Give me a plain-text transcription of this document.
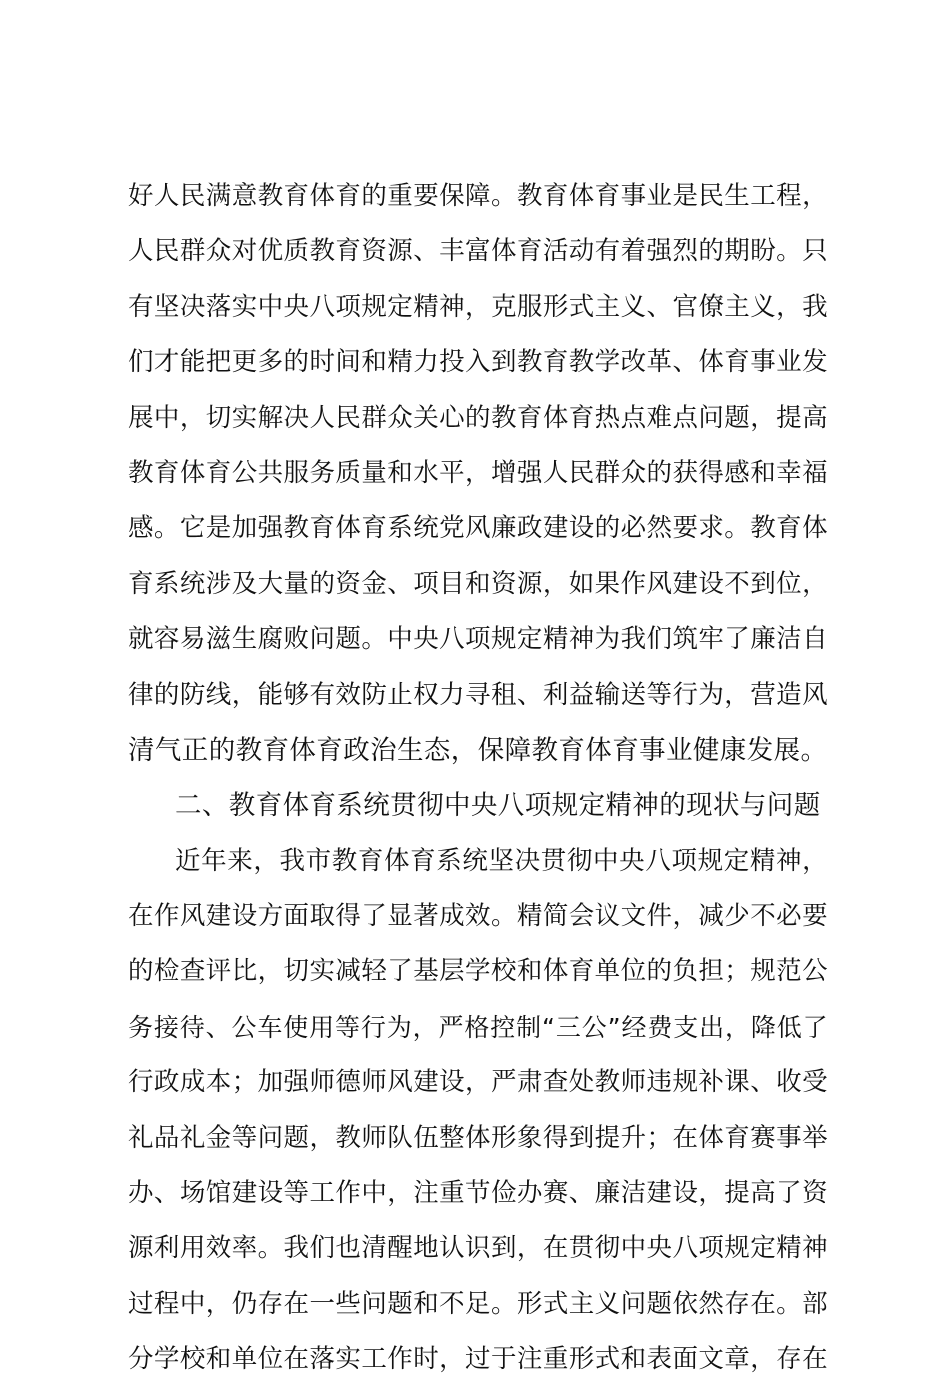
好人民满意教育体育的重要保障。教育体育事业是民生工程，
人民群众对优质教育资源、丰富体育活动有着强烈的期盼。只
有坚决落实中央八项规定精神，克服形式主义、官僚主义，我
们才能把更多的时间和精力投入到教育教学改革、体育事业发
展中，切实解决人民群众关心的教育体育热点难点问题，提高
教育体育公共服务质量和水平，增强人民群众的获得感和幸福
感。它是加强教育体育系统党风廉政建设的必然要求。教育体
育系统涉及大量的资金、项目和资源，如果作风建设不到位，
就容易滋生腐败问题。中央八项规定精神为我们筑牢了廉洁自
律的防线，能够有效防止权力寻租、利益输送等行为，营造风
清气正的教育体育政治生态，保障教育体育事业健康发展。
二、教育体育系统贯彻中央八项规定精神的现状与问题
近年来，我市教育体育系统坚决贯彻中央八项规定精神，
在作风建设方面取得了显著成效。精简会议文件，减少不必要
的检查评比，切实减轻了基层学校和体育单位的负担；规范公
务接待、公车使用等行为，严格控制“三公”经费支出，降低了
行政成本；加强师德师风建设，严肃查处教师违规补课、收受
礼品礼金等问题，教师队伍整体形象得到提升；在体育赛事举
办、场馆建设等工作中，注重节俭办赛、廉洁建设，提高了资
源利用效率。我们也清醒地认识到，在贯彻中央八项规定精神
过程中，仍存在一些问题和不足。形式主义问题依然存在。部
分学校和单位在落实工作时，过于注重形式和表面文章，存在
